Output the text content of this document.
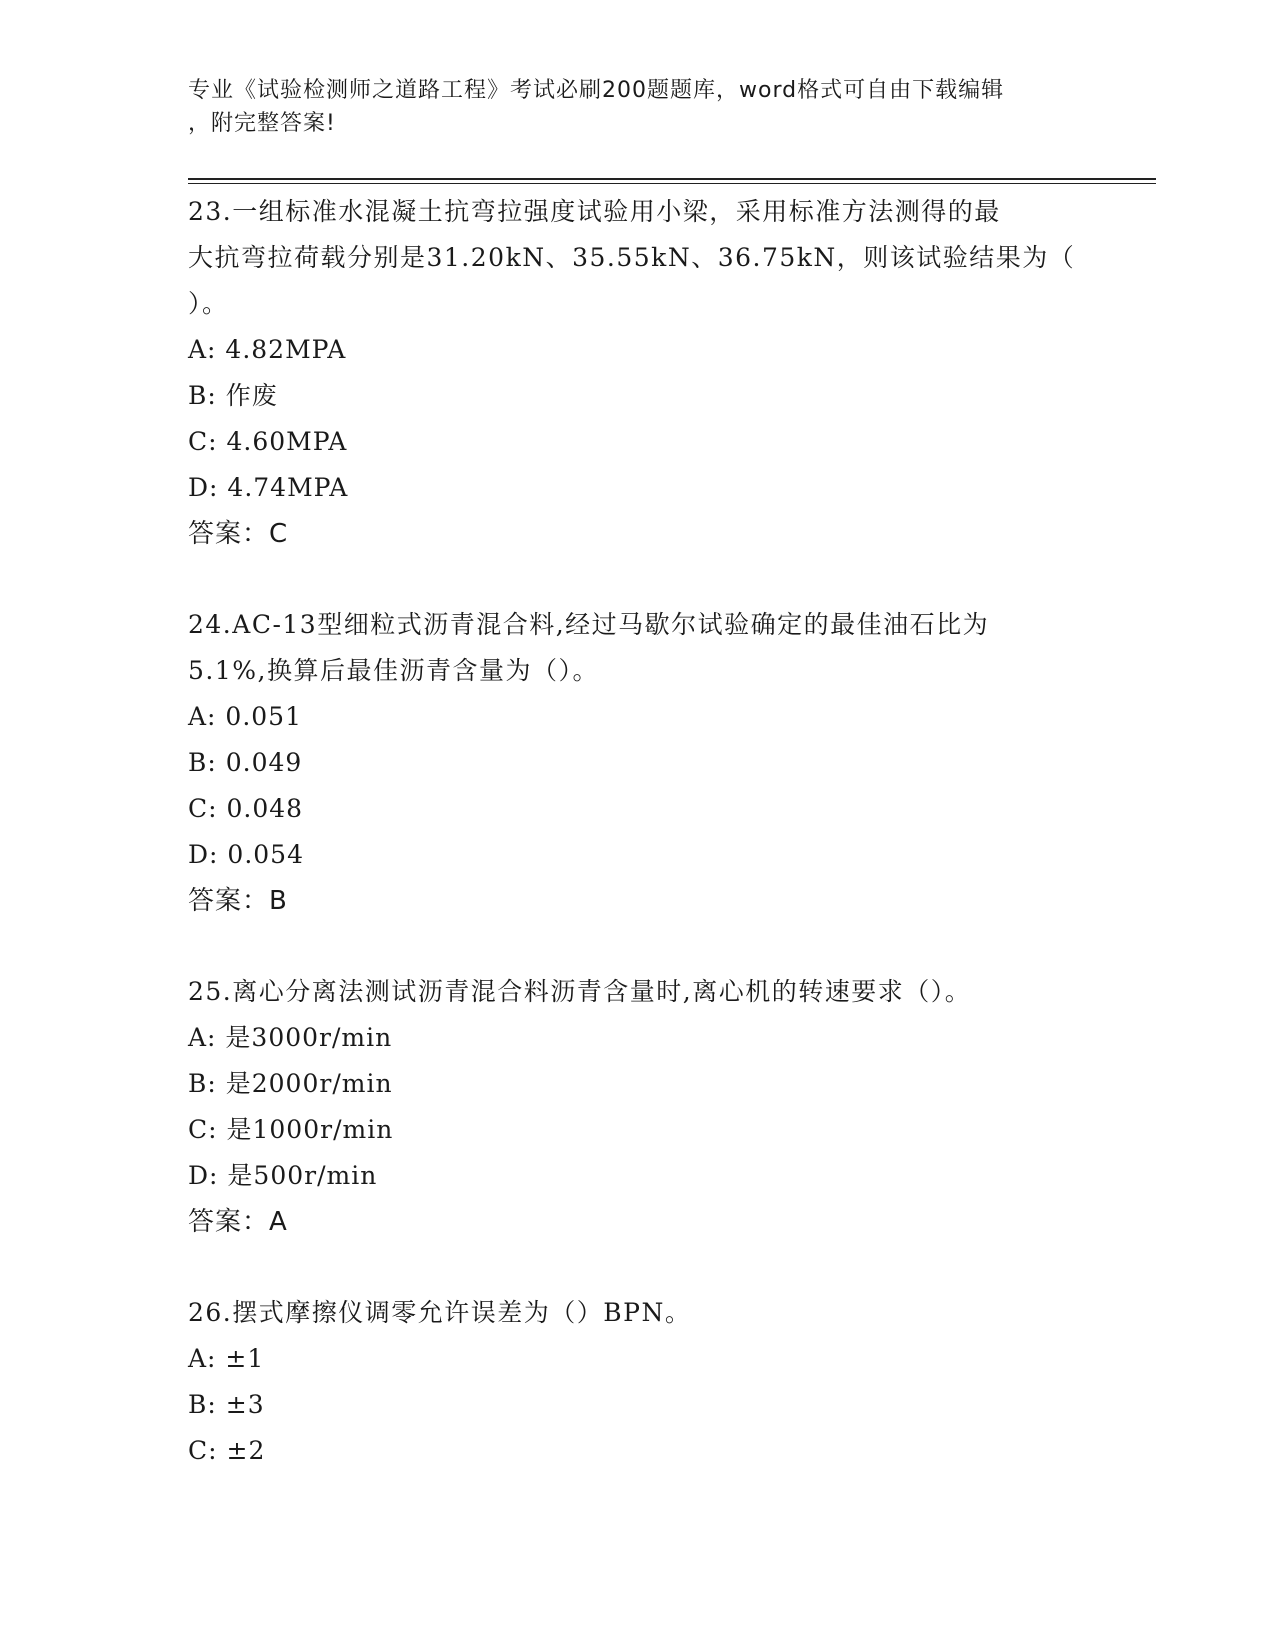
专业《试验检测师之道路工程》考试必刷200题题库，word格式可自由下载编辑
，附完整答案!

23.一组标准水混凝土抗弯拉强度试验用小梁，采用标准方法测得的最

大抗弯拉荷载分别是31.20kN、35.55kN、36.75kN，则该试验结果为（

）。

A: 4.82MPA

B: 作废

C: 4.60MPA

D: 4.74MPA

答案：C

24.AC-13型细粒式沥青混合料,经过马歇尔试验确定的最佳油石比为

5.1%,换算后最佳沥青含量为（）。

A: 0.051

B: 0.049

C: 0.048

D: 0.054

答案：B

25.离心分离法测试沥青混合料沥青含量时,离心机的转速要求（）。

A: 是3000r/min

B: 是2000r/min

C: 是1000r/min

D: 是500r/min

答案：A

26.摆式摩擦仪调零允许误差为（）BPN。

A: ±1

B: ±3

C: ±2
